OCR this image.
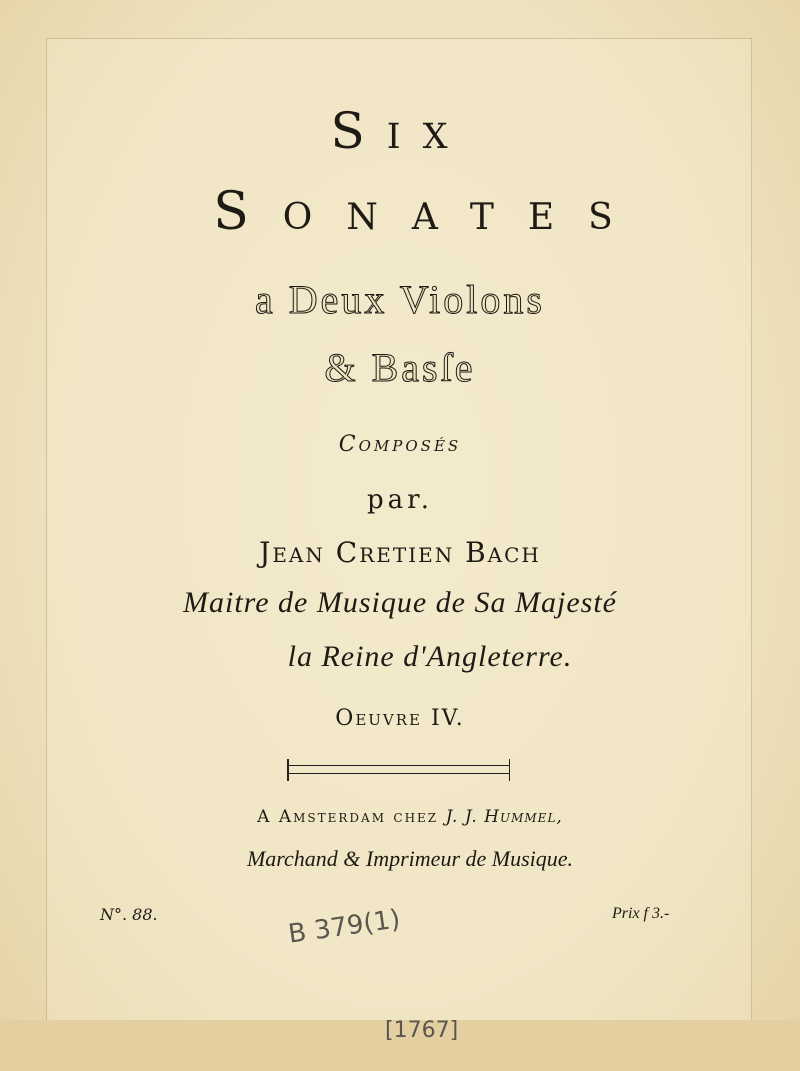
Six
Sonates
a Deux Violons
& Basſe
Composés
par.
Jean Cretien Bach
Maitre de Musique de Sa Majesté
la Reine d'Angleterre.
Oeuvre IV.
A Amsterdam chez J. J. Hummel,
Marchand & Imprimeur de Musique.
N°. 88.	Prix f 3.-
B 379(1)
[1767]
